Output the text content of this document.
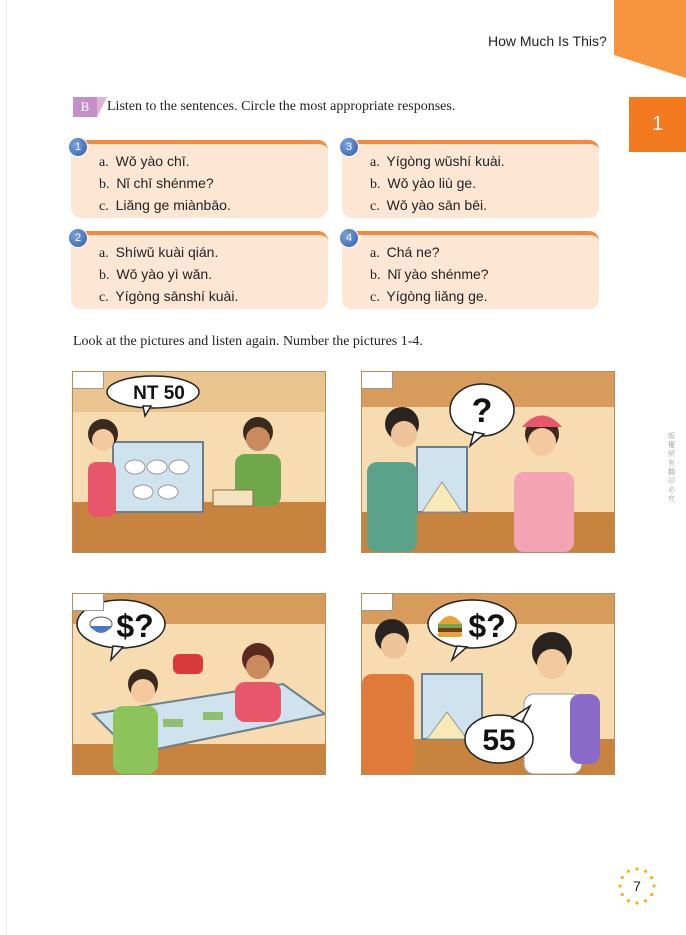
How Much Is This?
1
B	Listen to the sentences. Circle the most appropriate responses.
1
a. Wǒ yào chī.
b. Nǐ chī shénme?
c. Liǎng ge miànbāo.
3
a. Yígòng wǔshí kuài.
b. Wǒ yào liù ge.
c. Wǒ yào sān bēi.
2
a. Shíwǔ kuài qián.
b. Wǒ yào yì wǎn.
c. Yígòng sānshí kuài.
4
a. Chá ne?
b. Nǐ yào shénme?
c. Yígòng liǎng ge.
Look at the pictures and listen again. Number the pictures 1-4.
NT 50	?
$?	$?
55
版權所有‧翻印必究
7
